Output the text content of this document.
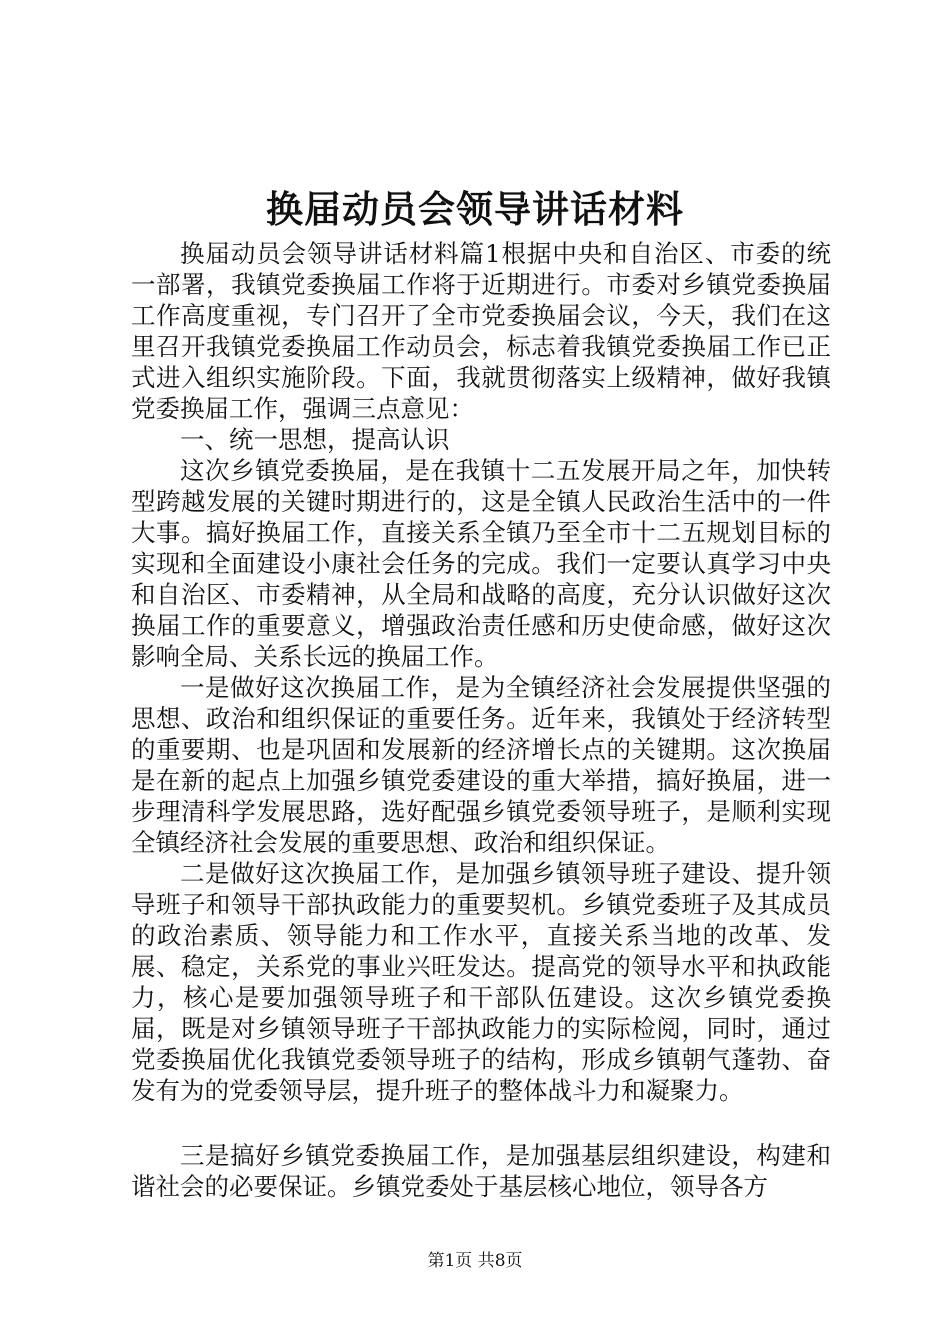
换届动员会领导讲话材料

换届动员会领导讲话材料篇1根据中央和自治区、市委的统一部署，我镇党委换届工作将于近期进行。市委对乡镇党委换届工作高度重视，专门召开了全市党委换届会议，今天，我们在这里召开我镇党委换届工作动员会，标志着我镇党委换届工作已正式进入组织实施阶段。下面，我就贯彻落实上级精神，做好我镇党委换届工作，强调三点意见：

一、统一思想，提高认识

这次乡镇党委换届，是在我镇十二五发展开局之年，加快转型跨越发展的关键时期进行的，这是全镇人民政治生活中的一件大事。搞好换届工作，直接关系全镇乃至全市十二五规划目标的实现和全面建设小康社会任务的完成。我们一定要认真学习中央和自治区、市委精神，从全局和战略的高度，充分认识做好这次换届工作的重要意义，增强政治责任感和历史使命感，做好这次影响全局、关系长远的换届工作。

一是做好这次换届工作，是为全镇经济社会发展提供坚强的思想、政治和组织保证的重要任务。近年来，我镇处于经济转型的重要期、也是巩固和发展新的经济增长点的关键期。这次换届是在新的起点上加强乡镇党委建设的重大举措，搞好换届，进一步理清科学发展思路，选好配强乡镇党委领导班子，是顺利实现全镇经济社会发展的重要思想、政治和组织保证。

二是做好这次换届工作，是加强乡镇领导班子建设、提升领导班子和领导干部执政能力的重要契机。乡镇党委班子及其成员的政治素质、领导能力和工作水平，直接关系当地的改革、发展、稳定，关系党的事业兴旺发达。提高党的领导水平和执政能力，核心是要加强领导班子和干部队伍建设。这次乡镇党委换届，既是对乡镇领导班子干部执政能力的实际检阅，同时，通过党委换届优化我镇党委领导班子的结构，形成乡镇朝气蓬勃、奋发有为的党委领导层，提升班子的整体战斗力和凝聚力。

三是搞好乡镇党委换届工作，是加强基层组织建设，构建和谐社会的必要保证。乡镇党委处于基层核心地位，领导各方

第1页 共8页
